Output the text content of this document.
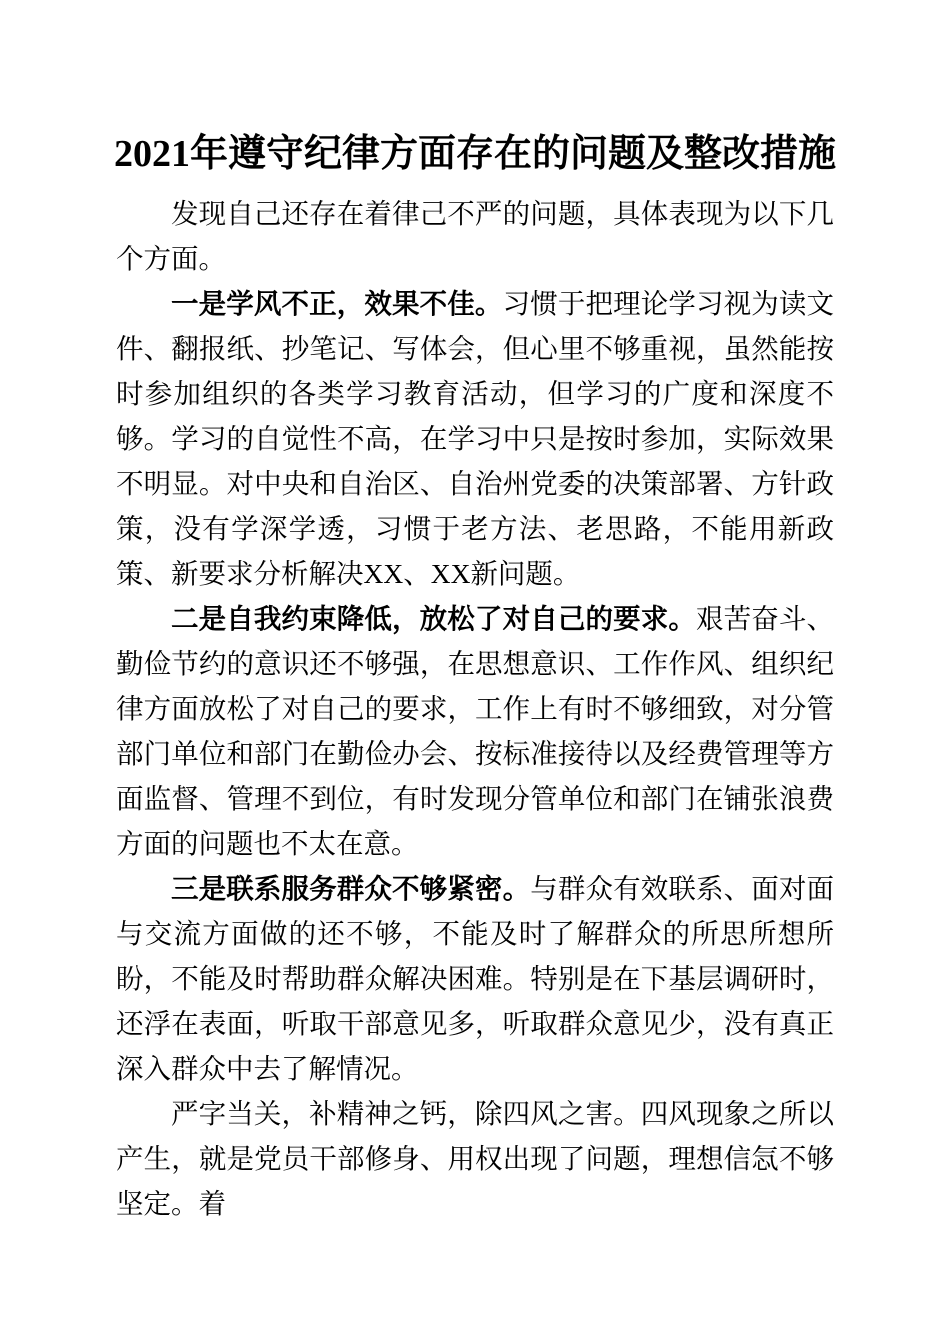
2021年遵守纪律方面存在的问题及整改措施

发现自己还存在着律己不严的问题，具体表现为以下几个方面。

一是学风不正，效果不佳。习惯于把理论学习视为读文件、翻报纸、抄笔记、写体会，但心里不够重视，虽然能按时参加组织的各类学习教育活动，但学习的广度和深度不够。学习的自觉性不高，在学习中只是按时参加，实际效果不明显。对中央和自治区、自治州党委的决策部署、方针政策，没有学深学透，习惯于老方法、老思路，不能用新政策、新要求分析解决XX、XX新问题。

二是自我约束降低，放松了对自己的要求。艰苦奋斗、勤俭节约的意识还不够强，在思想意识、工作作风、组织纪律方面放松了对自己的要求，工作上有时不够细致，对分管部门单位和部门在勤俭办会、按标准接待以及经费管理等方面监督、管理不到位，有时发现分管单位和部门在铺张浪费方面的问题也不太在意。

三是联系服务群众不够紧密。与群众有效联系、面对面与交流方面做的还不够，不能及时了解群众的所思所想所盼，不能及时帮助群众解决困难。特别是在下基层调研时，还浮在表面，听取干部意见多，听取群众意见少，没有真正深入群众中去了解情况。

严字当关，补精神之钙，除四风之害。四风现象之所以产生，就是党员干部修身、用权出现了问题，理想信忥不够坚定。着
